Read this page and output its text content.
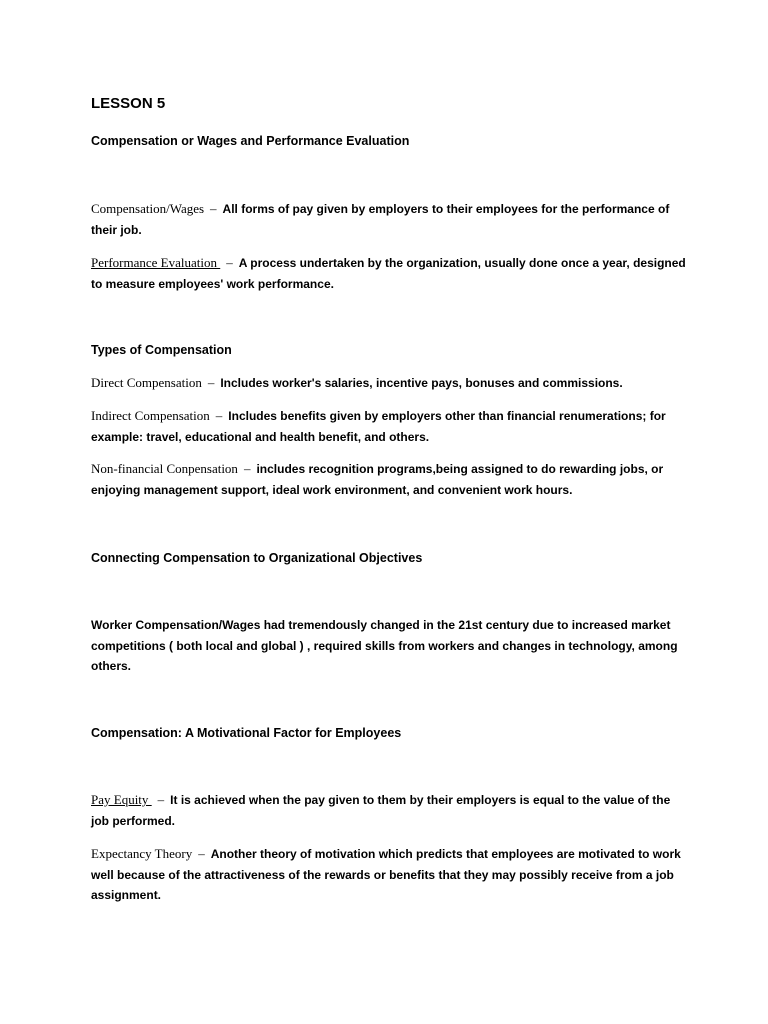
LESSON 5
Compensation or Wages and Performance Evaluation

Compensation/Wages – All forms of pay given by employers to their employees for the performance of their job.

Performance Evaluation – A process undertaken by the organization, usually done once a year, designed to measure employees' work performance.

Types of Compensation

Direct Compensation – Includes worker's salaries, incentive pays, bonuses and commissions.

Indirect Compensation – Includes benefits given by employers other than financial renumerations; for example: travel, educational and health benefit, and others.

Non-financial Conpensation – includes recognition programs,being assigned to do rewarding jobs, or enjoying management support, ideal work environment, and convenient work hours.

Connecting Compensation to Organizational Objectives

Worker Compensation/Wages had tremendously changed in the 21st century due to increased market competitions ( both local and global ) , required skills from workers and changes in technology, among others.

Compensation: A Motivational Factor for Employees

Pay Equity – It is achieved when the pay given to them by their employers is equal to the value of the job performed.

Expectancy Theory – Another theory of motivation which predicts that employees are motivated to work well because of the attractiveness of the rewards or benefits that they may possibly receive from a job assignment.
